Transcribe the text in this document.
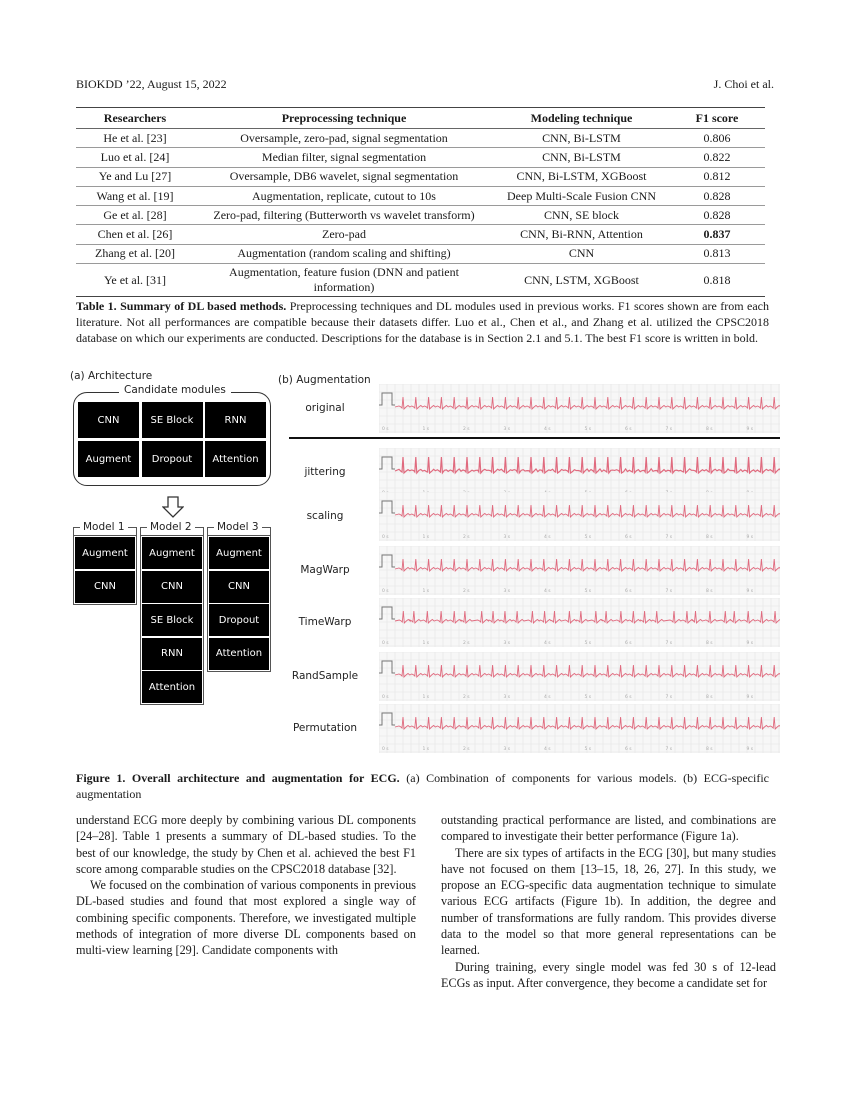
BIOKDD ’22, August 15, 2022	J. Choi et al.
Researchers	Preprocessing technique	Modeling technique	F1 score
He et al. [23]	Oversample, zero-pad, signal segmentation	CNN, Bi-LSTM	0.806
Luo et al. [24]	Median filter, signal segmentation	CNN, Bi-LSTM	0.822
Ye and Lu [27]	Oversample, DB6 wavelet, signal segmentation	CNN, Bi-LSTM, XGBoost	0.812
Wang et al. [19]	Augmentation, replicate, cutout to 10s	Deep Multi-Scale Fusion CNN	0.828
Ge et al. [28]	Zero-pad, filtering (Butterworth vs wavelet transform)	CNN, SE block	0.828
Chen et al. [26]	Zero-pad	CNN, Bi-RNN, Attention	0.837
Zhang et al. [20]	Augmentation (random scaling and shifting)	CNN	0.813
Ye et al. [31]	Augmentation, feature fusion (DNN and patient information)	CNN, LSTM, XGBoost	0.818
Table 1. Summary of DL based methods. Preprocessing techniques and DL modules used in previous works. F1 scores shown are from each literature. Not all performances are compatible because their datasets differ. Luo et al., Chen et al., and Zhang et al. utilized the CPSC2018 database on which our experiments are conducted. Descriptions for the database is in Section 2.1 and 5.1. The best F1 score is written in bold.
(a) Architecture
Candidate modules
CNN	SE Block	RNN
Augment	Dropout	Attention
Model 1
Augment
CNN
Model 2
Augment
CNN
SE Block
RNN
Attention
Model 3
Augment
CNN
Dropout
Attention
(b) Augmentation
original
0 s	1 s	2 s	3 s	4 s	5 s	6 s	7 s	8 s	9 s
jittering
scaling
0 s	1 s	2 s	3 s	4 s	5 s	6 s	7 s	8 s	9 s
MagWarp
0 s	1 s	2 s	3 s	4 s	5 s	6 s	7 s	8 s	9 s
TimeWarp
0 s	1 s	2 s	3 s	4 s	5 s	6 s	7 s	8 s	9 s
RandSample
0 s	1 s	2 s	3 s	4 s	5 s	6 s	7 s	8 s	9 s
Permutation
0 s	1 s	2 s	3 s	4 s	5 s	6 s	7 s	8 s	9 s
Figure 1. Overall architecture and augmentation for ECG. (a) Combination of components for various models. (b) ECG-specific augmentation

understand ECG more deeply by combining various DL components [24–28]. Table 1 presents a summary of DL-based studies. To the best of our knowledge, the study by Chen et al. achieved the best F1 score among comparable studies on the CPSC2018 database [32].

We focused on the combination of various components in previous DL-based studies and found that most explored a single way of combining specific components. Therefore, we investigated multiple methods of integration of more diverse DL components based on multi-view learning [29]. Candidate components with

outstanding practical performance are listed, and combinations are compared to investigate their better performance (Figure 1a).

There are six types of artifacts in the ECG [30], but many studies have not focused on them [13–15, 18, 26, 27]. In this study, we propose an ECG-specific data augmentation technique to simulate various ECG artifacts (Figure 1b). In addition, the degree and number of transformations are fully random. This provides diverse data to the model so that more general representations can be learned.

During training, every single model was fed 30 s of 12-lead ECGs as input. After convergence, they become a candidate set for
